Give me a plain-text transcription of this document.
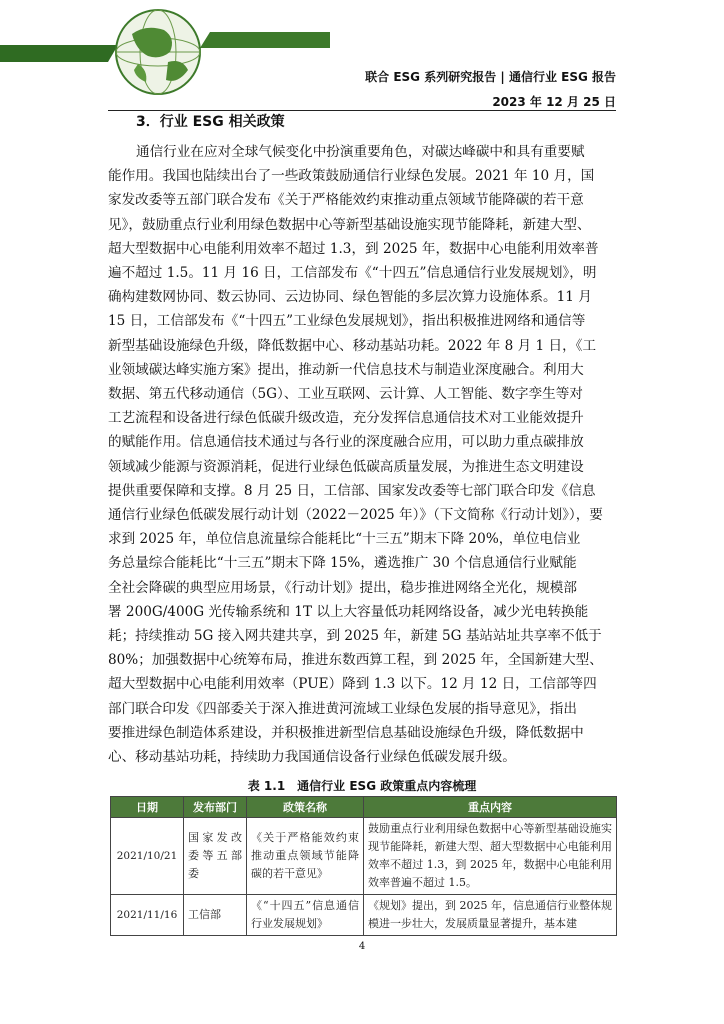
联合 ESG 系列研究报告 | 通信行业 ESG 报告
2023 年 12 月 25 日
3．行业 ESG 相关政策

通信行业在应对全球气候变化中扮演重要角色，对碳达峰碳中和具有重要赋
能作用。我国也陆续出台了一些政策鼓励通信行业绿色发展。2021 年 10 月，国
家发改委等五部门联合发布《关于严格能效约束推动重点领域节能降碳的若干意
见》，鼓励重点行业利用绿色数据中心等新型基础设施实现节能降耗，新建大型、
超大型数据中心电能利用效率不超过 1.3，到 2025 年，数据中心电能利用效率普
遍不超过 1.5。11 月 16 日，工信部发布《“十四五”信息通信行业发展规划》，明
确构建数网协同、数云协同、云边协同、绿色智能的多层次算力设施体系。11 月
15 日，工信部发布《“十四五”工业绿色发展规划》，指出积极推进网络和通信等
新型基础设施绿色升级，降低数据中心、移动基站功耗。2022 年 8 月 1 日，《工
业领域碳达峰实施方案》提出，推动新一代信息技术与制造业深度融合。利用大
数据、第五代移动通信（5G）、工业互联网、云计算、人工智能、数字孪生等对
工艺流程和设备进行绿色低碳升级改造，充分发挥信息通信技术对工业能效提升
的赋能作用。信息通信技术通过与各行业的深度融合应用，可以助力重点碳排放
领域减少能源与资源消耗，促进行业绿色低碳高质量发展，为推进生态文明建设
提供重要保障和支撑。8 月 25 日，工信部、国家发改委等七部门联合印发《信息
通信行业绿色低碳发展行动计划（2022－2025 年）》（下文简称《行动计划》），要
求到 2025 年，单位信息流量综合能耗比“十三五”期末下降 20%，单位电信业
务总量综合能耗比“十三五”期末下降 15%，遴选推广 30 个信息通信行业赋能
全社会降碳的典型应用场景，《行动计划》提出，稳步推进网络全光化，规模部
署 200G/400G 光传输系统和 1T 以上大容量低功耗网络设备，减少光电转换能
耗；持续推动 5G 接入网共建共享，到 2025 年，新建 5G 基站站址共享率不低于
80%；加强数据中心统筹布局，推进东数西算工程，到 2025 年，全国新建大型、
超大型数据中心电能利用效率（PUE）降到 1.3 以下。12 月 12 日，工信部等四
部门联合印发《四部委关于深入推进黄河流域工业绿色发展的指导意见》，指出
要推进绿色制造体系建设，并积极推进新型信息基础设施绿色升级，降低数据中
心、移动基站功耗，持续助力我国通信设备行业绿色低碳发展升级。

表 1.1　通信行业 ESG 政策重点内容梳理
日期	发布部门	政策名称	重点内容
2021/10/21	国家发改委等五部委	《关于严格能效约束推动重点领域节能降碳的若干意见》	鼓励重点行业利用绿色数据中心等新型基础设施实现节能降耗，新建大型、超大型数据中心电能利用效率不超过 1.3，到 2025 年，数据中心电能利用效率普遍不超过 1.5。
2021/11/16	工信部	《“十四五”信息通信行业发展规划》	《规划》提出，到 2025 年，信息通信行业整体规模进一步壮大，发展质量显著提升，基本建
4
